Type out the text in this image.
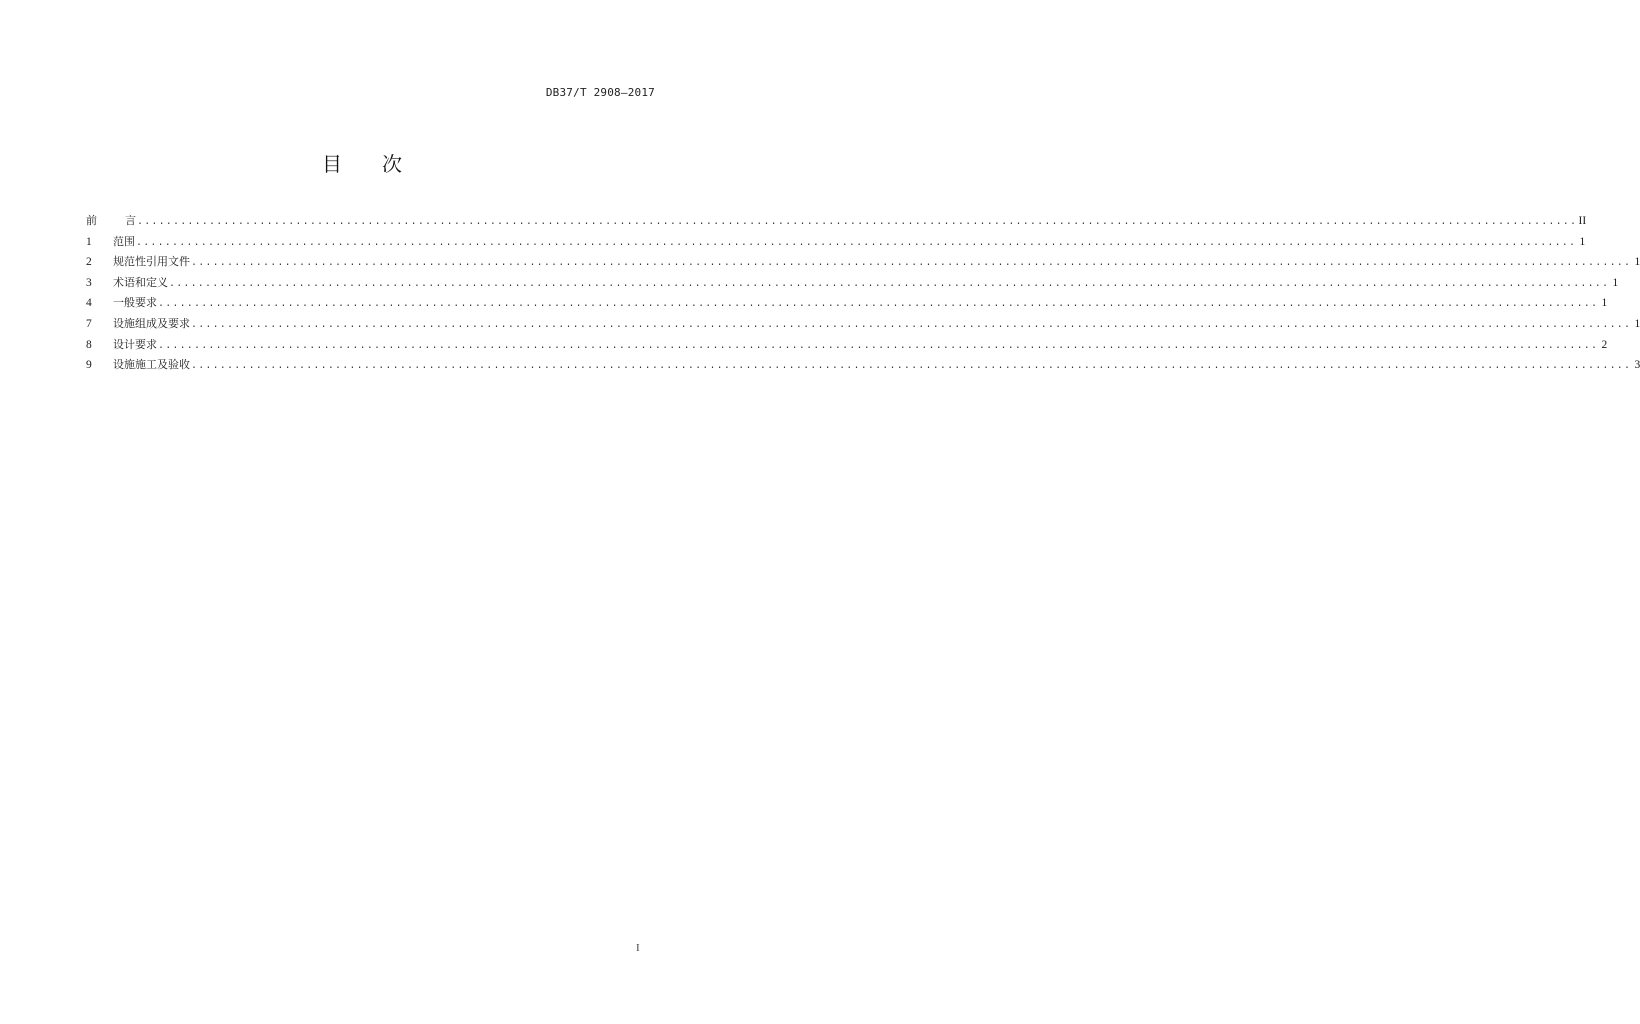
DB37/T 2908—2017
目 次
前	言 ........................................................................................................................................................................................................ II
1	范围 ........................................................................................................................................................................................................ 1
2	规范性引用文件 ........................................................................................................................................................................................................ 1
3	术语和定义 ........................................................................................................................................................................................................ 1
4	一般要求 ........................................................................................................................................................................................................ 1
7	设施组成及要求 ........................................................................................................................................................................................................ 1
8	设计要求 ........................................................................................................................................................................................................ 2
9	设施施工及验收 ........................................................................................................................................................................................................ 3
I
